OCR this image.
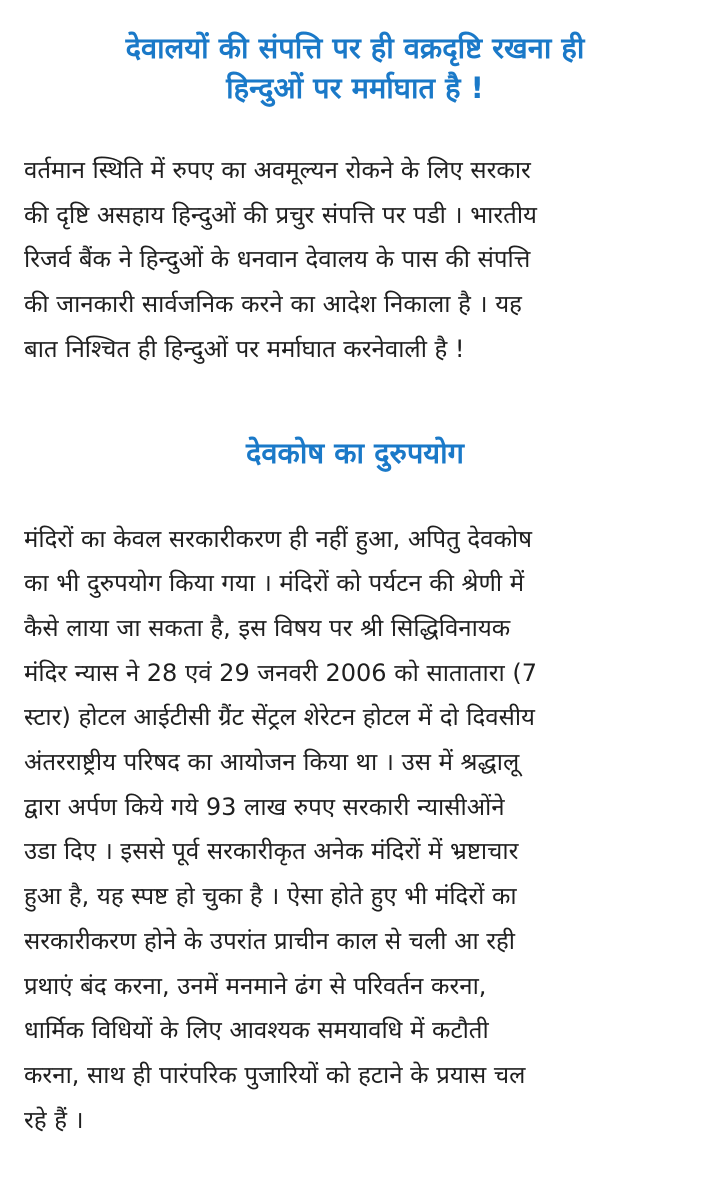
देवालयों की संपत्ति पर ही वक्रदृष्टि रखना ही
हिन्दुओं पर मर्माघात है !
वर्तमान स्थिति में रुपए का अवमूल्यन रोकने के लिए सरकार
की दृष्टि असहाय हिन्दुओं की प्रचुर संपत्ति पर पडी । भारतीय
रिजर्व बैंक ने हिन्दुओं के धनवान देवालय के पास की संपत्ति
की जानकारी सार्वजनिक करने का आदेश निकाला है । यह
बात निश्चित ही हिन्दुओं पर मर्माघात करनेवाली है !
देवकोष का दुरुपयोग
मंदिरों का केवल सरकारीकरण ही नहीं हुआ, अपितु देवकोष
का भी दुरुपयोग किया गया । मंदिरों को पर्यटन की श्रेणी में
कैसे लाया जा सकता है, इस विषय पर श्री सिद्धिविनायक
मंदिर न्यास ने 28 एवं 29 जनवरी 2006 को सातातारा (7
स्टार) होटल आईटीसी ग्रैंट सेंट्रल शेरेटन होटल में दो दिवसीय
अंतरराष्ट्रीय परिषद का आयोजन किया था । उस में श्रद्धालू
द्वारा अर्पण किये गये 93 लाख रुपए सरकारी न्यासीओंने
उडा दिए । इससे पूर्व सरकारीकृत अनेक मंदिरों में भ्रष्टाचार
हुआ है, यह स्पष्ट हो चुका है । ऐसा होते हुए भी मंदिरों का
सरकारीकरण होने के उपरांत प्राचीन काल से चली आ रही
प्रथाएं बंद करना, उनमें मनमाने ढंग से परिवर्तन करना,
धार्मिक विधियों के लिए आवश्यक समयावधि में कटौती
करना, साथ ही पारंपरिक पुजारियों को हटाने के प्रयास चल
रहे हैं ।
